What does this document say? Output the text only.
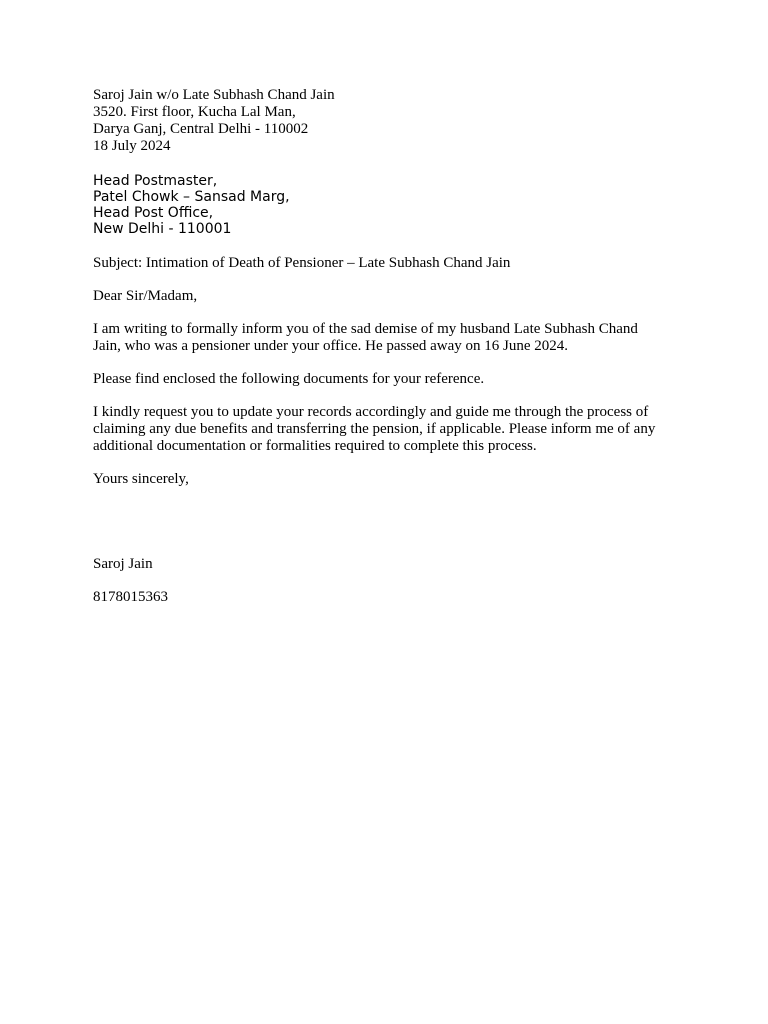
Saroj Jain w/o Late Subhash Chand Jain
3520. First floor, Kucha Lal Man,
Darya Ganj, Central Delhi - 110002
18 July 2024
Head Postmaster,
Patel Chowk – Sansad Marg,
Head Post Office,
New Delhi - 110001
Subject: Intimation of Death of Pensioner – Late Subhash Chand Jain
Dear Sir/Madam,
I am writing to formally inform you of the sad demise of my husband Late Subhash Chand
Jain, who was a pensioner under your office. He passed away on 16 June 2024.
Please find enclosed the following documents for your reference.
I kindly request you to update your records accordingly and guide me through the process of
claiming any due benefits and transferring the pension, if applicable. Please inform me of any
additional documentation or formalities required to complete this process.
Yours sincerely,
Saroj Jain
8178015363
